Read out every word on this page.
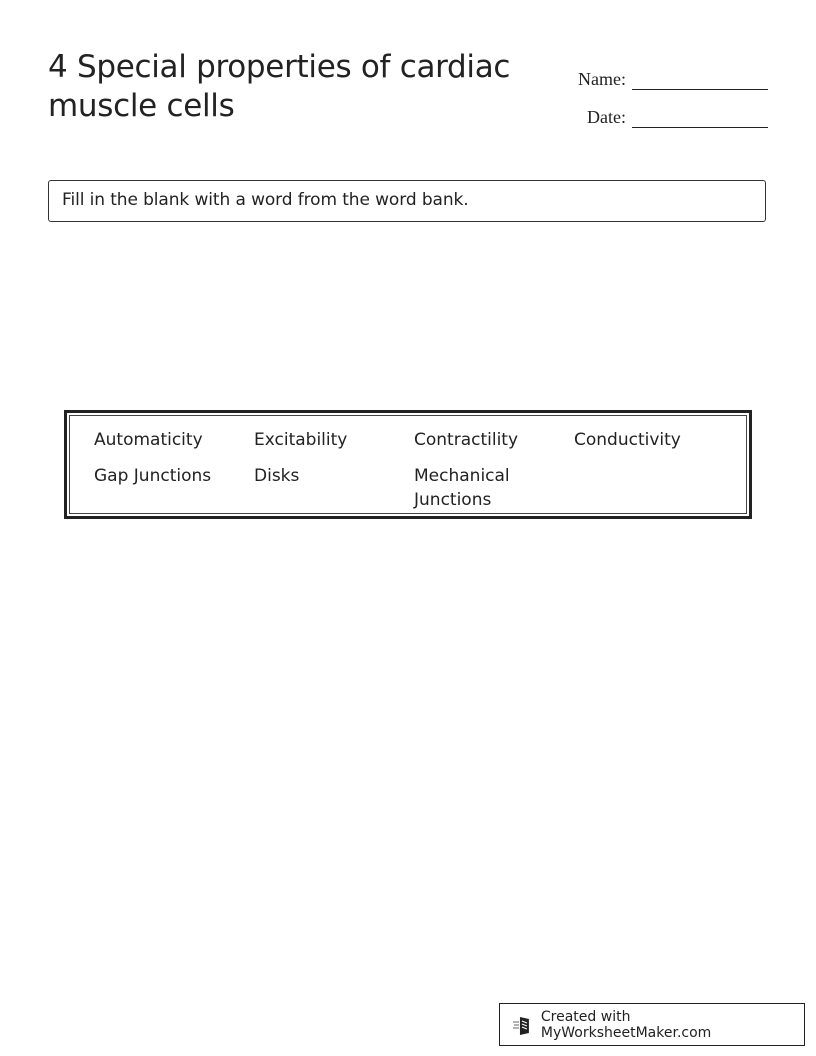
4 Special properties of cardiac muscle cells
Name:
Date:
Fill in the blank with a word from the word bank.
Automaticity	Excitability	Contractility	Conductivity
Gap Junctions	Disks	Mechanical Junctions
Created with MyWorksheetMaker.com
